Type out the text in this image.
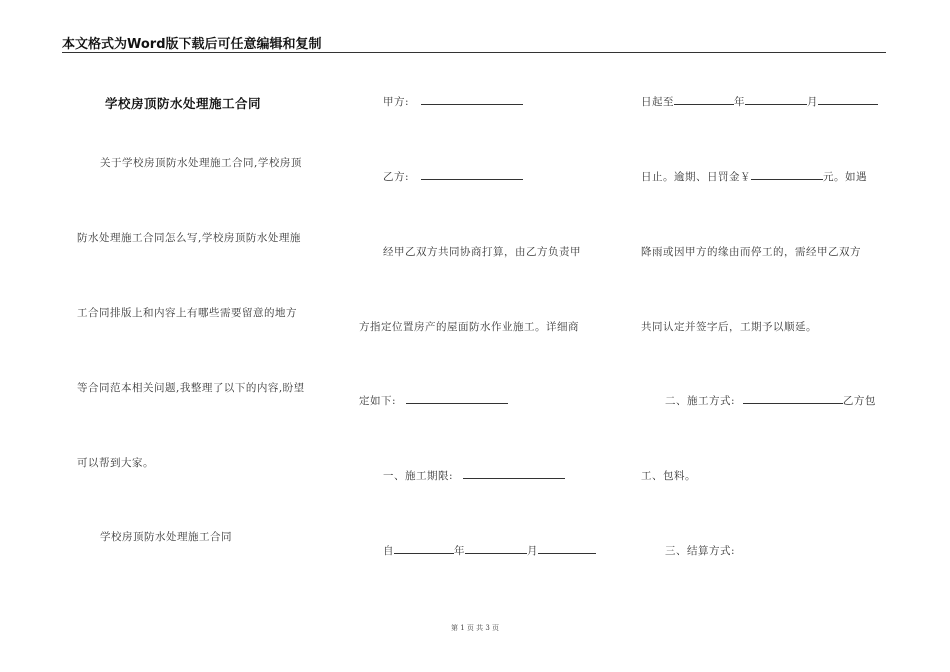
本文格式为Word版下载后可任意编辑和复制
学校房顶防水处理施工合同
关于学校房顶防水处理施工合同,学校房顶
防水处理施工合同怎么写,学校房顶防水处理施
工合同排版上和内容上有哪些需要留意的地方
等合同范本相关问题,我整理了以下的内容,盼望
可以帮到大家。
学校房顶防水处理施工合同
甲方:
乙方:
经甲乙双方共同协商打算，由乙方负责甲
方指定位置房产的屋面防水作业施工。详细商
定如下:
一、施工期限:
自	年	月
日起至	年	月
日止。逾期、日罚金￥	元。如遇
降雨或因甲方的缘由而停工的，需经甲乙双方
共同认定并签字后，工期予以顺延。
二、施工方式:	乙方包
工、包料。
三、结算方式:
第 1 页 共 3 页
